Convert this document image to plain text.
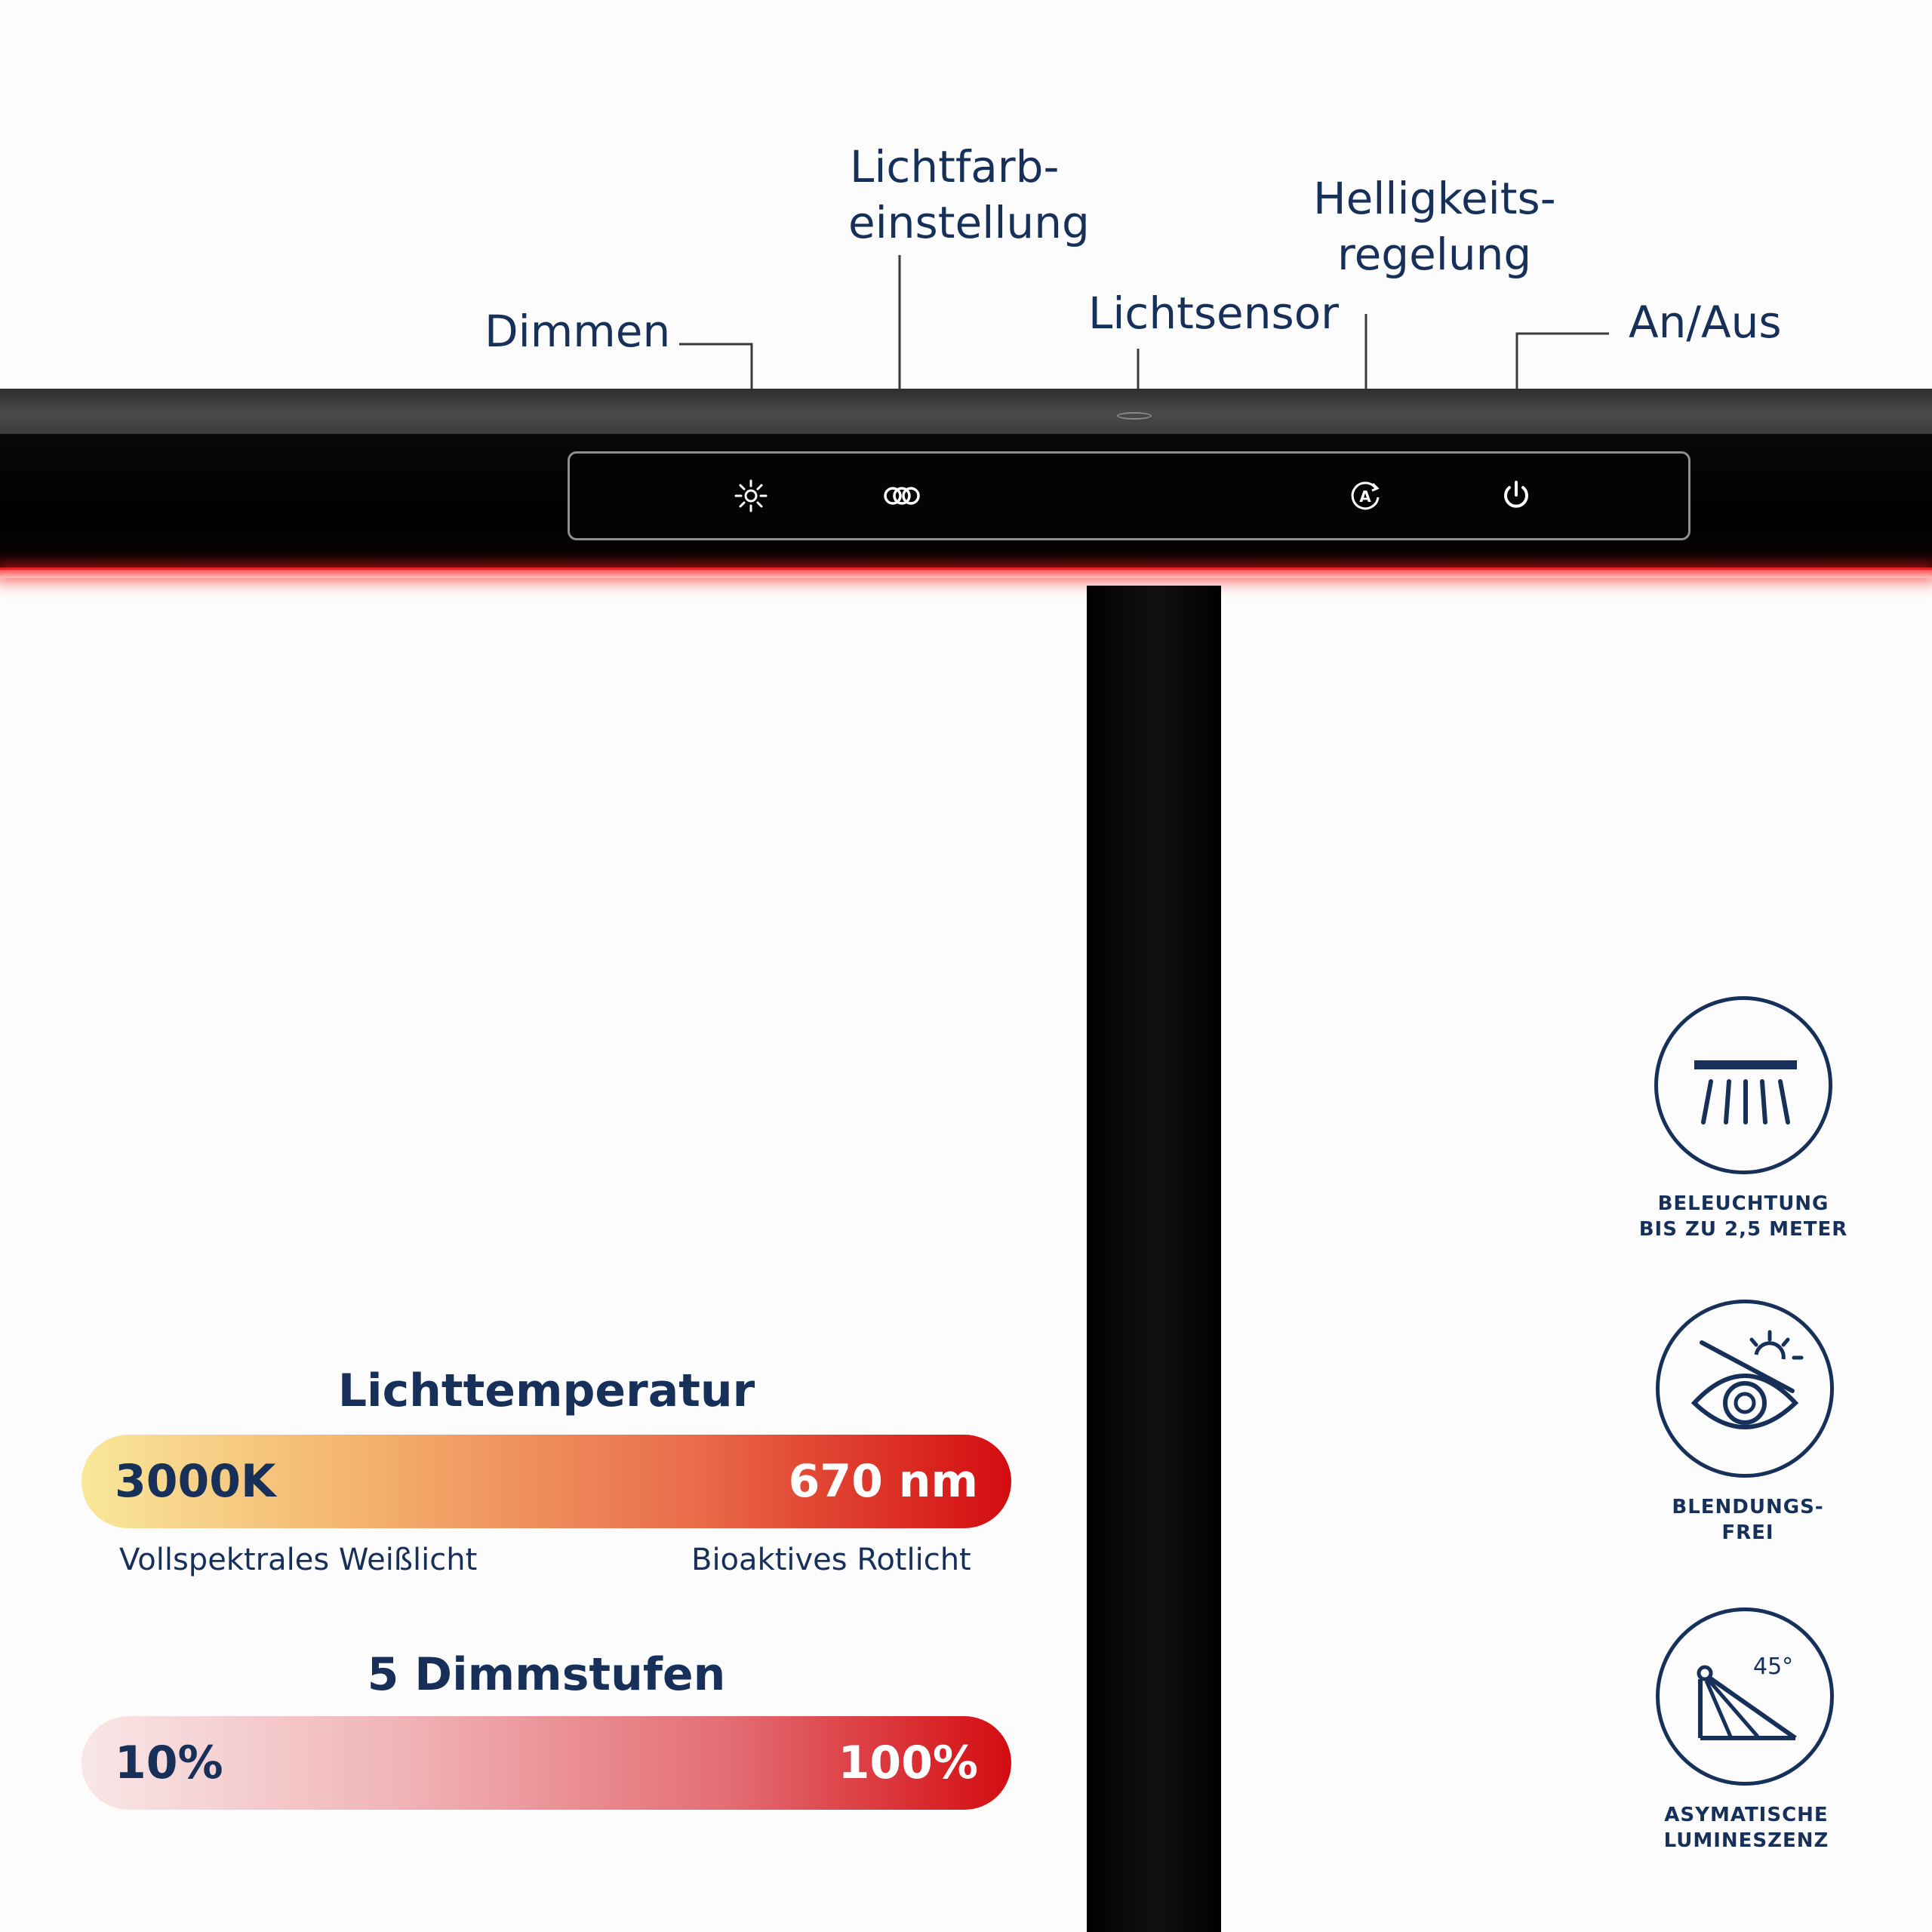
Dimmen
Lichtfarb-
einstellung
Lichtsensor
Helligkeits-
regelung
An/Aus
A
Lichttemperatur
3000K	670 nm
Vollspektrales Weißlicht	Bioaktives Rotlicht
5 Dimmstufen
10%	100%
BELEUCHTUNG
BIS ZU 2,5 METER
BLENDUNGS-
FREI
45°
ASYMATISCHE
LUMINESZENZ
